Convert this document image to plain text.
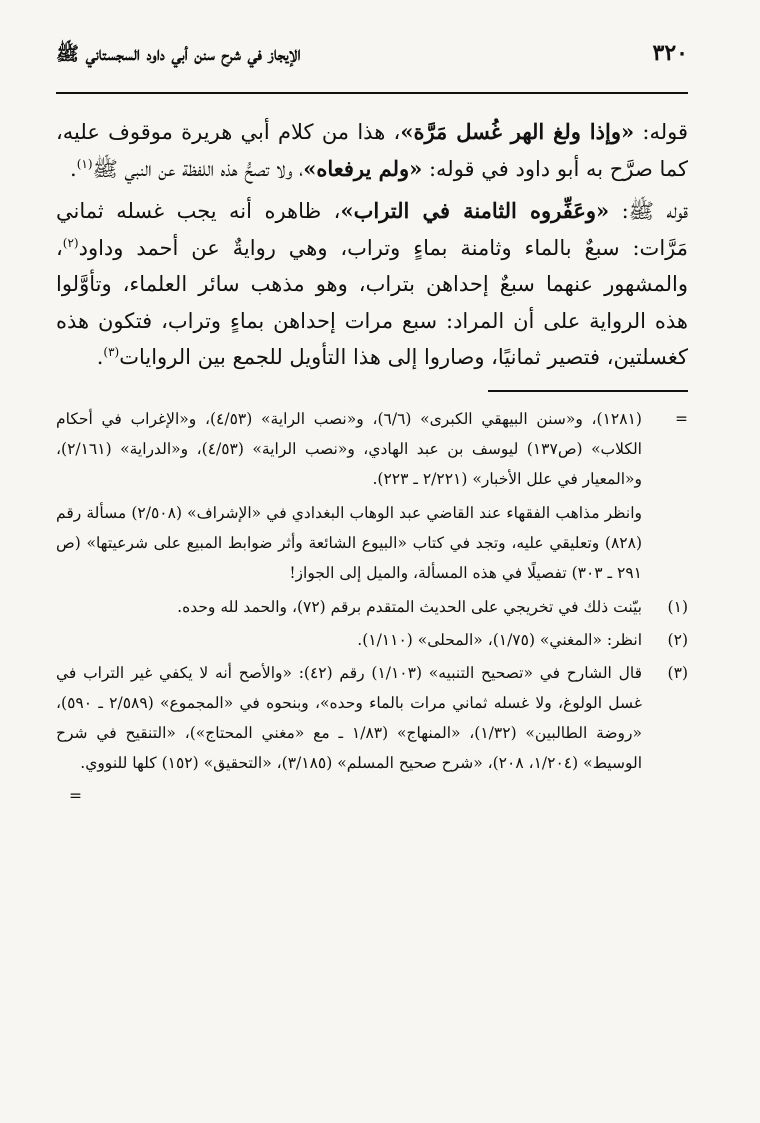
٣٢٠
الإيجاز في شرح سنن أبي داود السجستاني ﷺ

قوله: «وإذا ولغ الهر غُسل مَرَّة»، هذا من كلام أبي هريرة موقوف عليه، كما صرَّح به أبو داود في قوله: «ولم يرفعاه»، ولا تصحُّ هذه اللفظة عن النبي ﷺ$^{(١)}$.

قوله ﷺ: «وعَفِّروه الثامنة في التراب»، ظاهره أنه يجب غسله ثماني مَرَّات: سبعٌ بالماء وثامنة بماءٍ وتراب، وهي روايةٌ عن أحمد وداود$^{(٢)}$، والمشهور عنهما سبعٌ إحداهن بتراب، وهو مذهب سائر العلماء، وتأوَّلوا هذه الرواية على أن المراد: سبع مرات إحداهن بماءٍ وتراب، فتكون هذه كغسلتين، فتصير ثمانيًا، وصاروا إلى هذا التأويل للجمع بين الروايات$^{(٣)}$.

=
(١٢٨١)، و«سنن البيهقي الكبرى» (٦/٦)، و«نصب الراية» (٤/٥٣)، و«الإغراب في أحكام الكلاب» (ص١٣٧) ليوسف بن عبد الهادي، و«نصب الراية» (٤/٥٣)، و«الدراية» (٢/١٦١)، و«المعيار في علل الأخبار» (٢/٢٢١ ـ ٢٢٣).

وانظر مذاهب الفقهاء عند القاضي عبد الوهاب البغدادي في «الإشراف» (٢/٥٠٨) مسألة رقم (٨٢٨) وتعليقي عليه، وتجد في كتاب «البيوع الشائعة وأثر ضوابط المبيع على شرعيتها» (ص ٢٩١ ـ ٣٠٣) تفصيلًا في هذه المسألة، والميل إلى الجواز!

(١)
بيّنت ذلك في تخريجي على الحديث المتقدم برقم (٧٢)، والحمد لله وحده.
(٢)
انظر: «المغني» (١/٧٥)، «المحلى» (١/١١٠).
(٣)
قال الشارح في «تصحيح التنبيه» (١/١٠٣) رقم (٤٢): «والأصح أنه لا يكفي غير التراب في غسل الولوغ، ولا غسله ثماني مرات بالماء وحده»، وبنحوه في «المجموع» (٢/٥٨٩ ـ ٥٩٠)، «روضة الطالبين» (١/٣٢)، «المنهاج» (١/٨٣ ـ مع «مغني المحتاج»)، «التنقيح في شرح الوسيط» (١/٢٠٤، ٢٠٨)، «شرح صحيح المسلم» (٣/١٨٥)، «التحقيق» (١٥٢) كلها للنووي.
=
